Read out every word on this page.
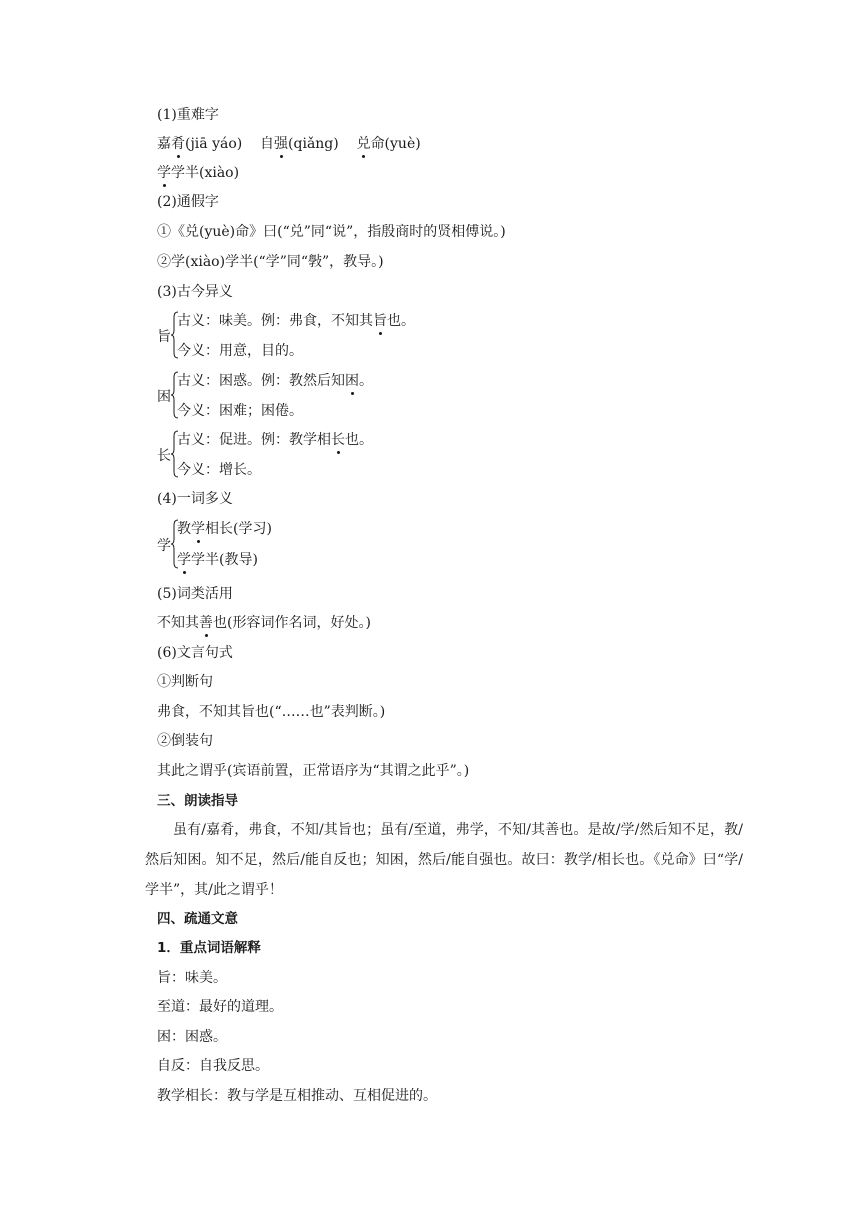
(1)重难字
嘉肴(jiā yáo) 自强(qiǎng) 兑命(yuè)
学学半(xiào)
(2)通假字
①《兑(yuè)命》曰(“兑”同“说”，指殷商时的贤相傅说。)
②学(xiào)学半(“学”同“斅”，教导。)
(3)古今异义
旨
古义：味美。例：弗食，不知其旨也。
今义：用意，目的。
困
古义：困惑。例：教然后知困。
今义：困难；困倦。
长
古义：促进。例：教学相长也。
今义：增长。
(4)一词多义
学
教学相长(学习)
学学半(教导)
(5)词类活用
不知其善也(形容词作名词，好处。)
(6)文言句式
①判断句
弗食，不知其旨也(“……也”表判断。)
②倒装句
其此之谓乎(宾语前置，正常语序为“其谓之此乎”。)
三、朗读指导
虽有/嘉肴，弗食，不知/其旨也；虽有/至道，弗学，不知/其善也。是故/学/然后知不足，教/然后知困。知不足，然后/能自反也；知困，然后/能自强也。故曰：教学/相长也。《兑命》曰“学/学半”，其/此之谓乎！
四、疏通文意
1．重点词语解释
旨：味美。
至道：最好的道理。
困：困惑。
自反：自我反思。
教学相长：教与学是互相推动、互相促进的。
